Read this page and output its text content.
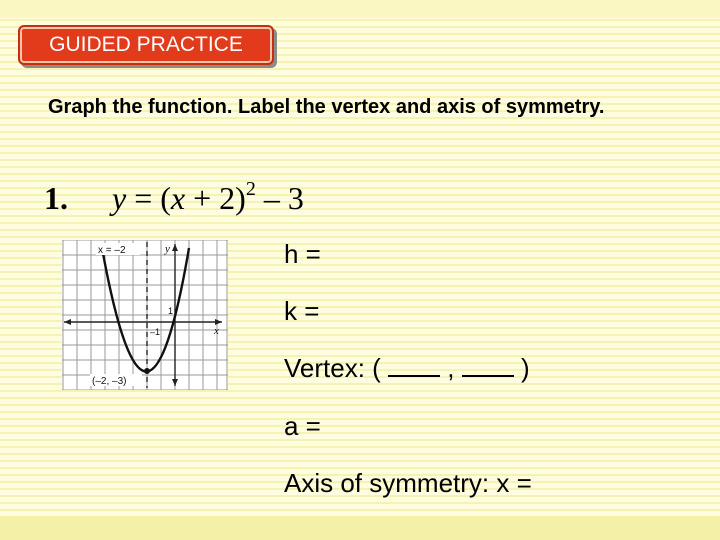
GUIDED PRACTICE
Graph the function. Label the vertex and axis of symmetry.
1. $y = (x + 2)^2 - 3$
x = –2	y
x
1
–1
(–2, –3)
h =
k =
Vertex: (	,	)
a =
Axis of symmetry: x =
